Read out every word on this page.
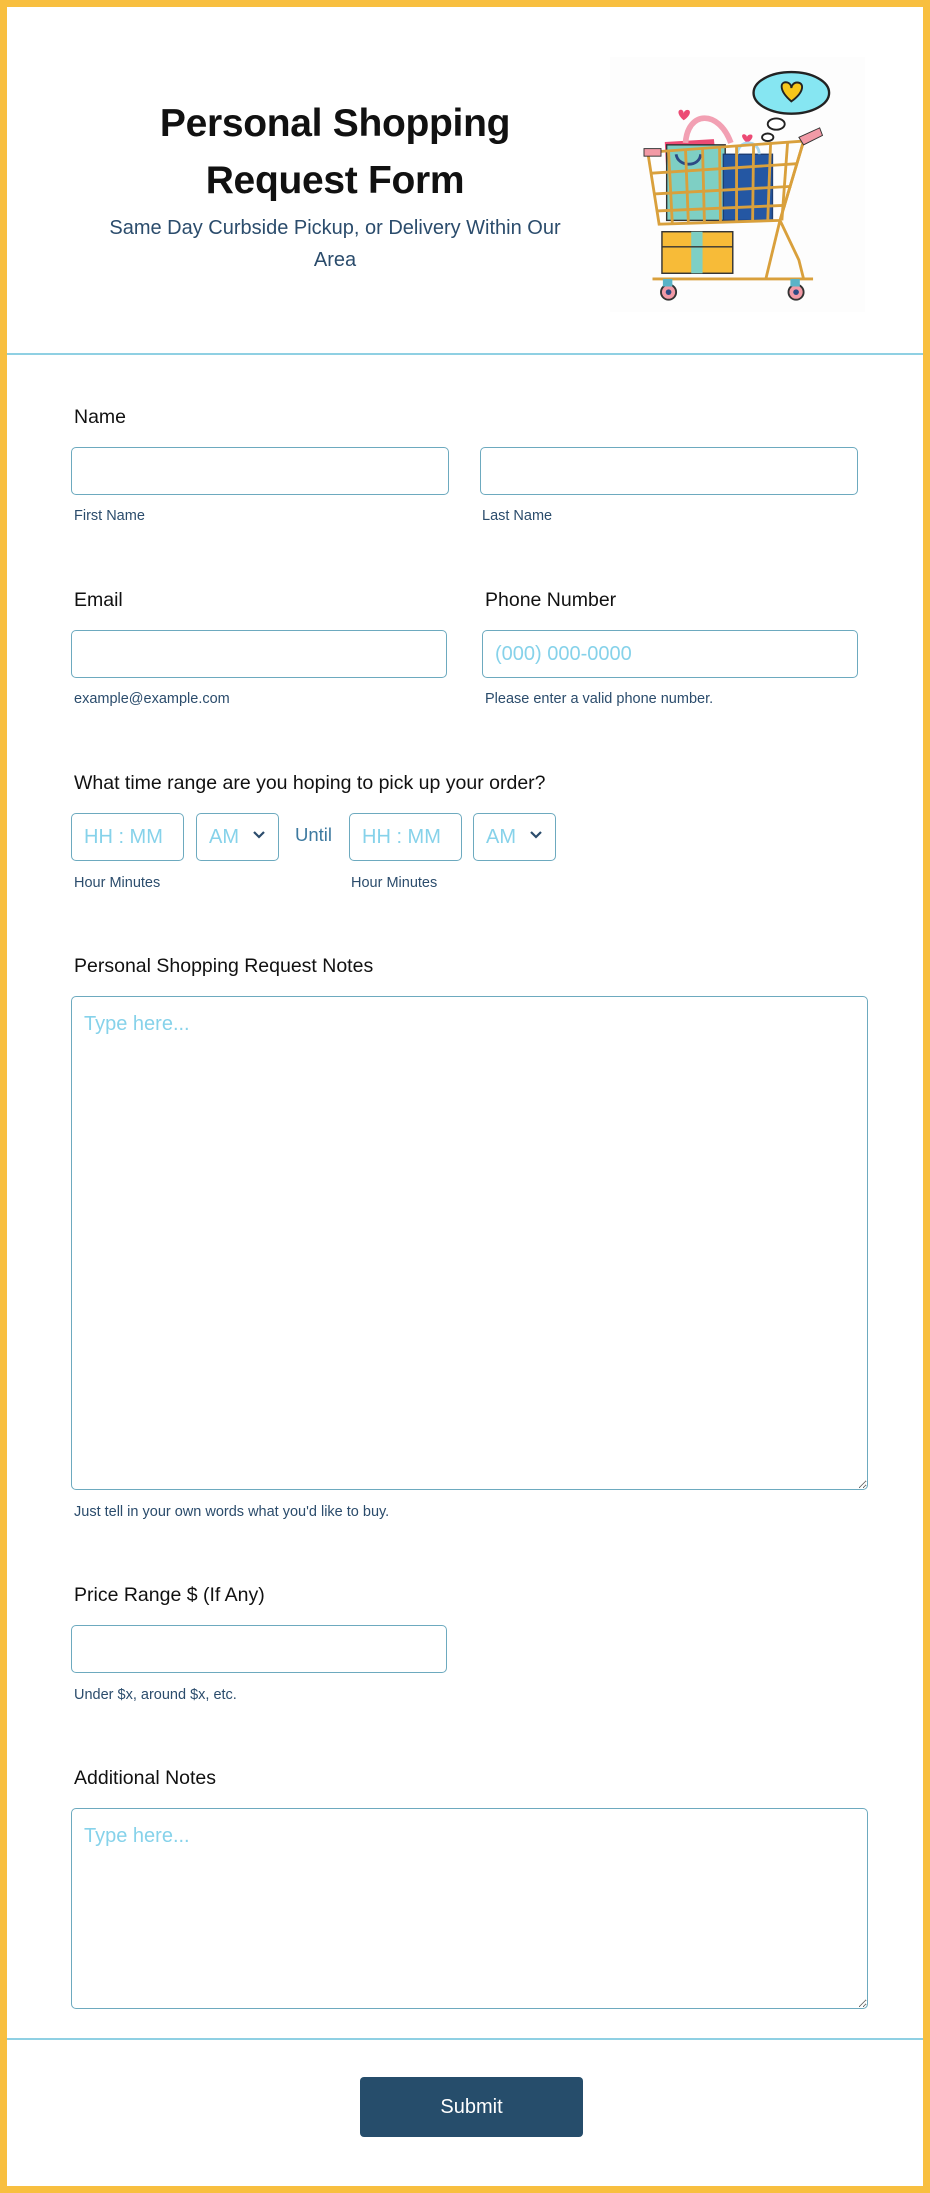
Personal Shopping
Request Form
Same Day Curbside Pickup, or Delivery Within Our
Area
Name
First Name	Last Name
Email
example@example.com
Phone Number
(000) 000-0000
Please enter a valid phone number.
What time range are you hoping to pick up your order?
HH : MM
AM	Until
HH : MM	AM
Hour Minutes	Hour Minutes
Personal Shopping Request Notes
Type here...
Just tell in your own words what you'd like to buy.
Price Range $ (If Any)
Under $x, around $x, etc.
Additional Notes
Type here...
Submit
